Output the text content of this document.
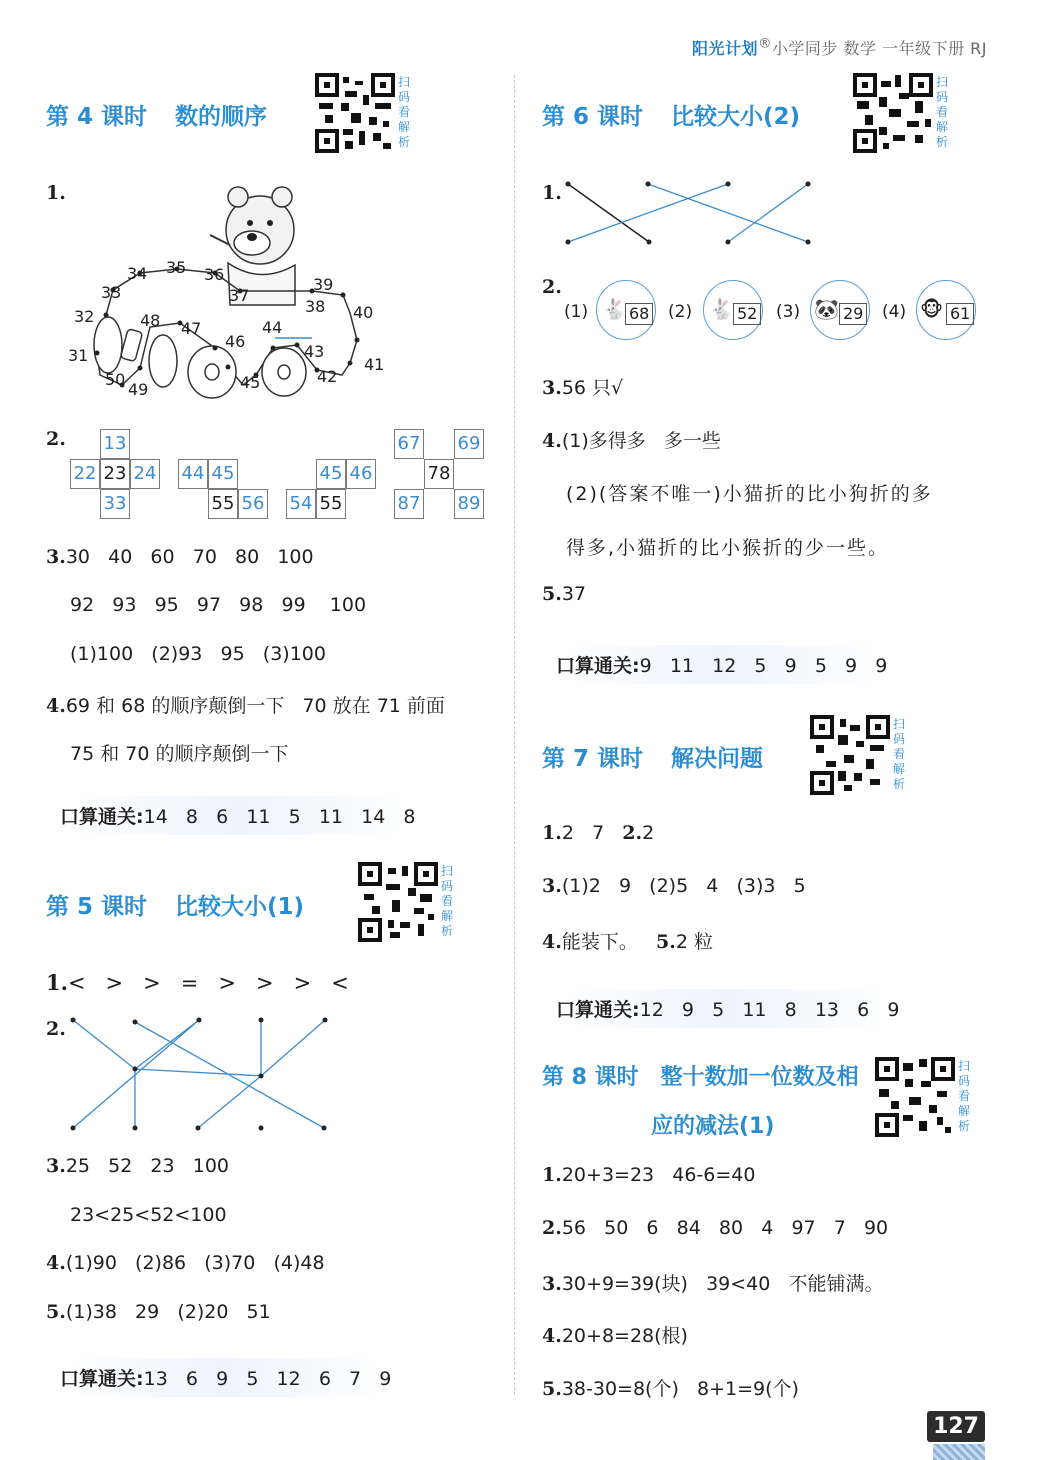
阳光计划®小学同步 数学 一年级下册 RJ
第 4 课时 数的顺序
扫
码
看
解
析
1.
31
32
33
34 35 36
37
38
39
40
41
42
43
44
45
46
47
48
49
50
2. 13
22 23 24
33
44 45
55 56
45 46
54 55
67 69
78
87 89
3.30   40   60   70   80   100
92   93   95   97   98   99    100
(1)100   (2)93   95   (3)100
4.69 和 68 的顺序颠倒一下   70 放在 71 前面
75 和 70 的顺序颠倒一下
口算通关:14   8   6   11   5   11   14   8
第 5 课时 比较大小(1)
扫
码
看
解
析
1.<   >   >   =   >   >   >   <
2.
3.25   52   23   100
23<25<52<100
4.(1)90   (2)86   (3)70   (4)48
5.(1)38   29   (2)20   51
口算通关:13   6   9   5   12   6   7   9
第 6 课时 比较大小(2)
扫
码
看
解
析
1.
2.
(1) 🐇 68 (2) 🐇 52 (3) 🐼 29 (4) 🐵 61
3.56 只√
4.(1)多得多   多一些
(2)(答案不唯一)小猫折的比小狗折的多
得多,小猫折的比小猴折的少一些。
5.37
口算通关:9   11   12   5   9   5   9   9
第 7 课时 解决问题
扫
码
看
解
析
1.2   7 2.2
3.(1)2   9   (2)5   4   (3)3   5
4.能装下。 5.2 粒
口算通关:12   9   5   11   8   13   6   9
第 8 课时 整十数加一位数及相
应的减法(1)
扫
码
看
解
析
1.20+3=23   46-6=40
2.56   50   6   84   80   4   97   7   90
3.30+9=39(块)   39<40   不能铺满。
4.20+8=28(根)
5.38-30=8(个)   8+1=9(个)
127
